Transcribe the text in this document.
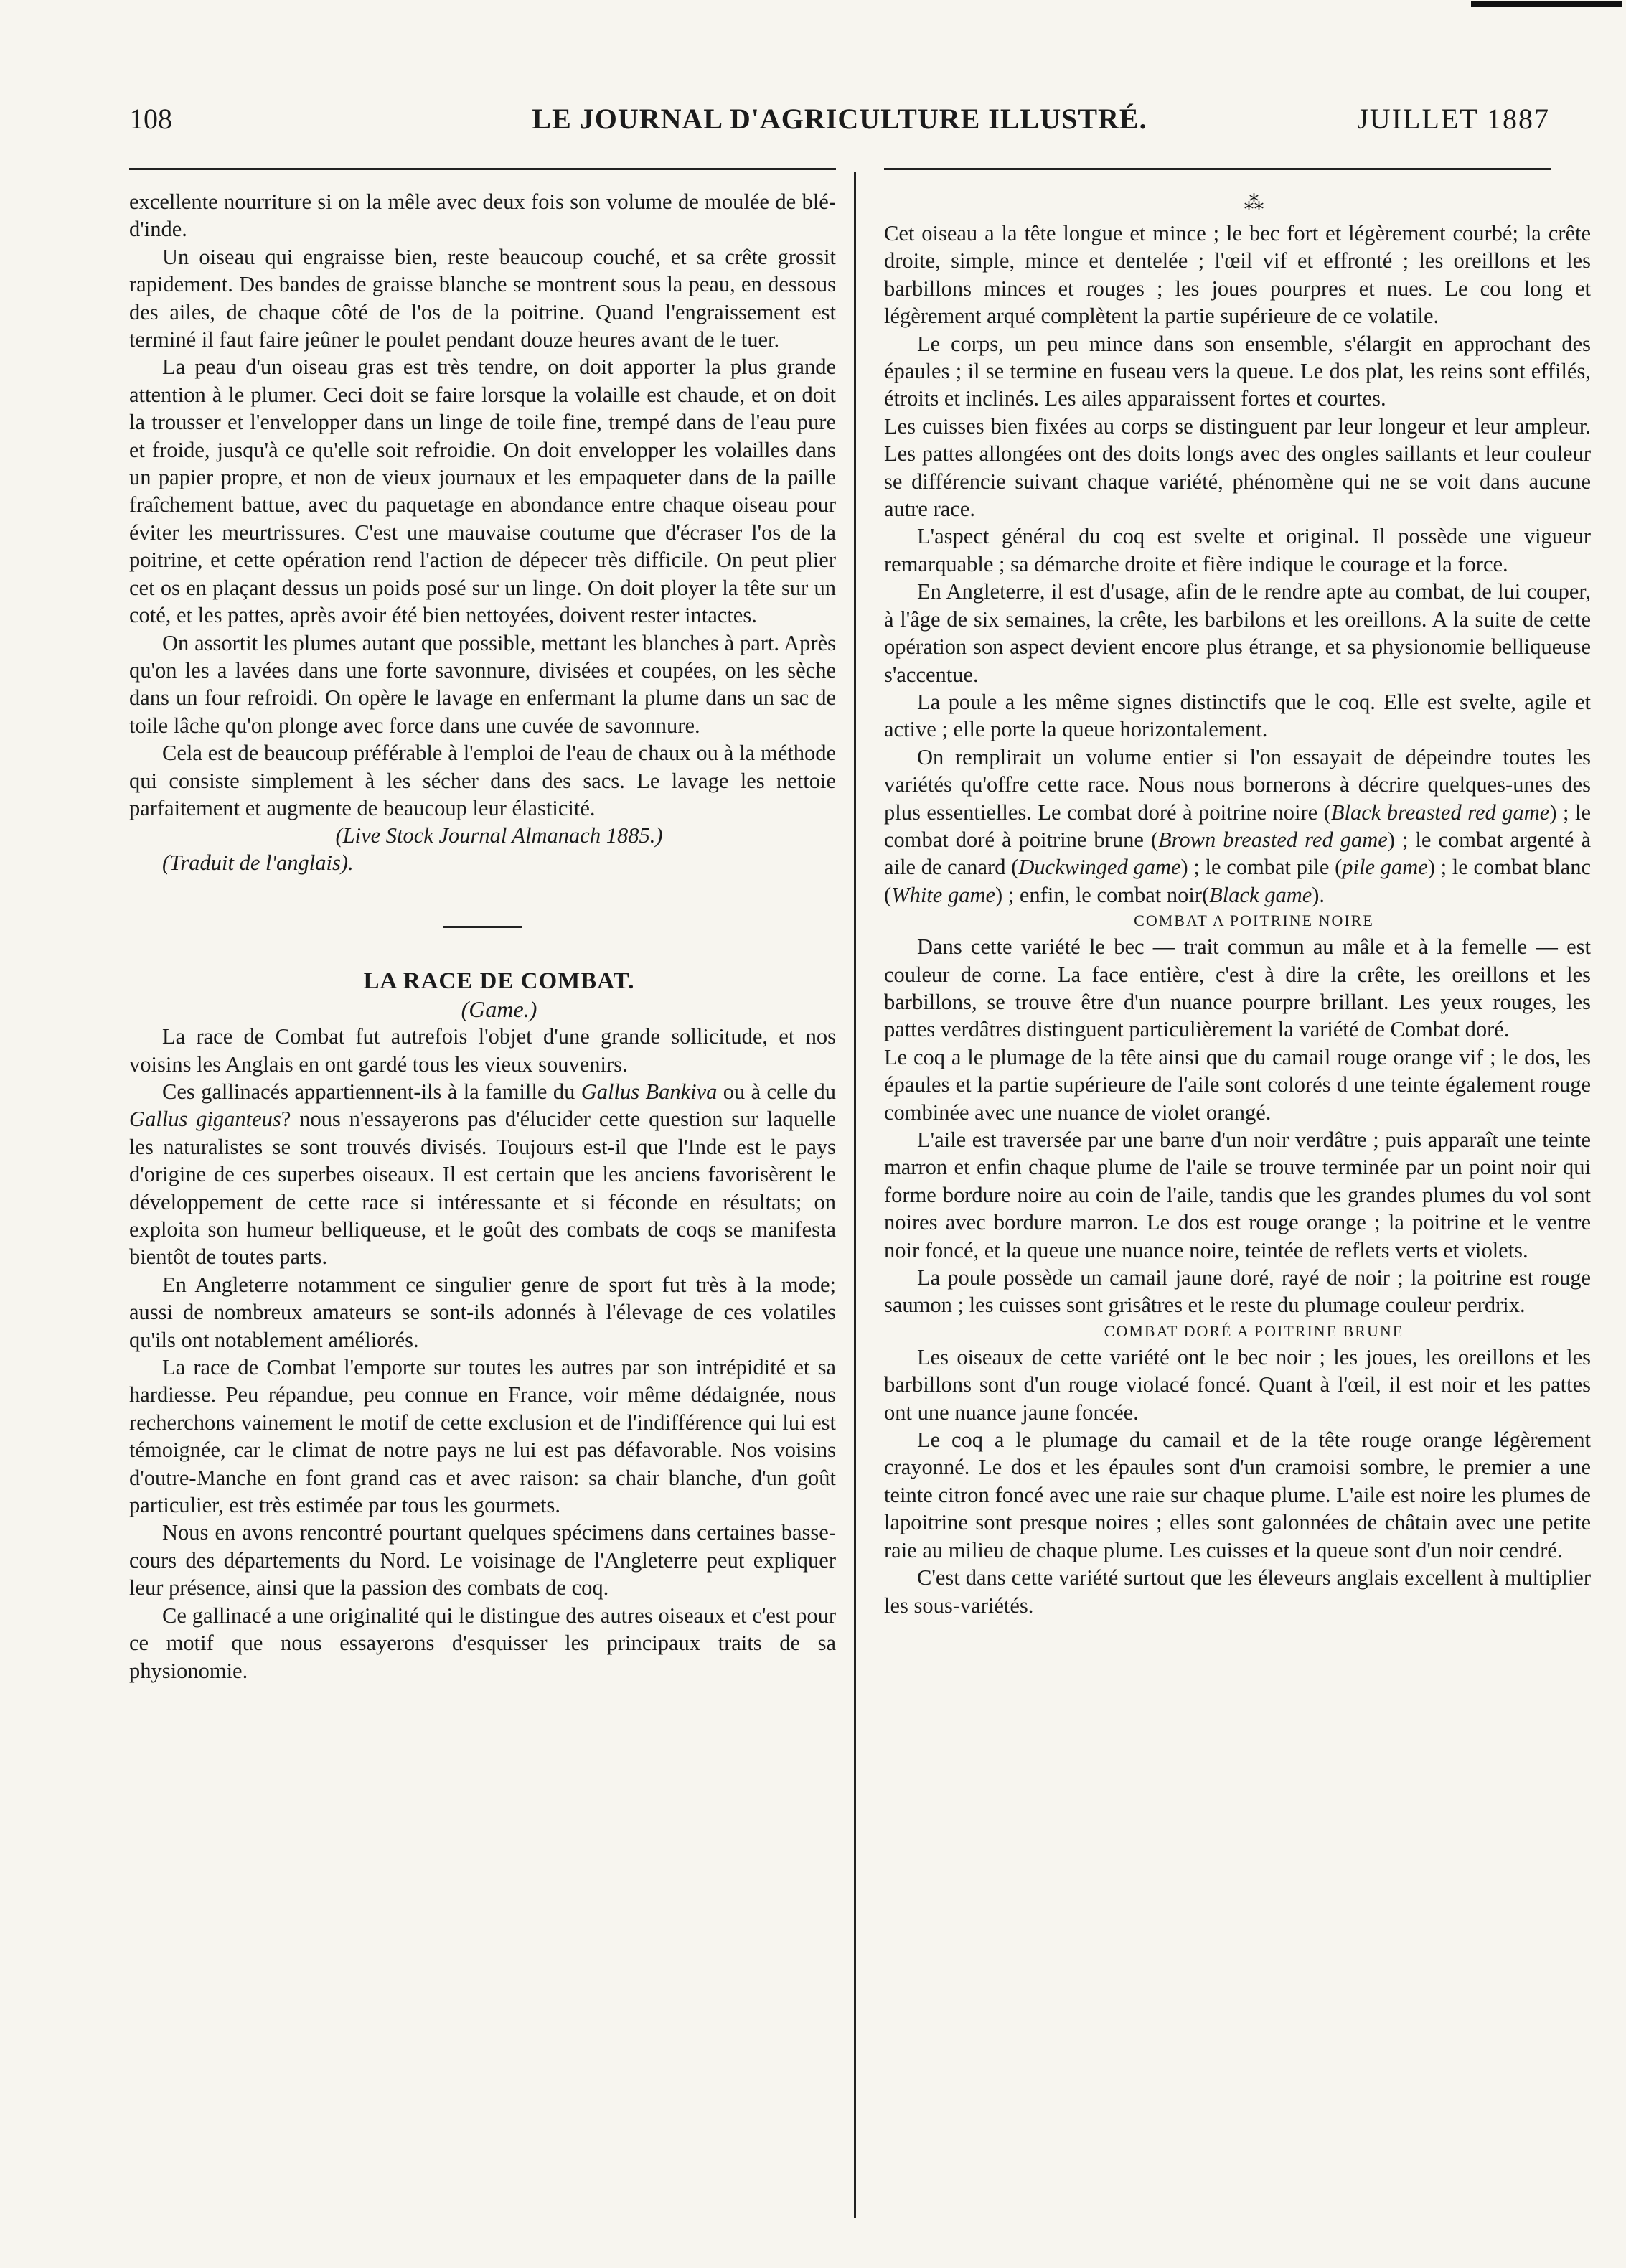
108	LE JOURNAL D'AGRICULTURE ILLUSTRÉ.	JUILLET 1887

excellente nourriture si on la mêle avec deux fois son volume de moulée de blé-d'inde.

Un oiseau qui engraisse bien, reste beaucoup couché, et sa crête grossit rapidement. Des bandes de graisse blanche se montrent sous la peau, en dessous des ailes, de chaque côté de l'os de la poitrine. Quand l'engraissement est terminé il faut faire jeûner le poulet pendant douze heures avant de le tuer.

La peau d'un oiseau gras est très tendre, on doit apporter la plus grande attention à le plumer. Ceci doit se faire lorsque la volaille est chaude, et on doit la trousser et l'envelopper dans un linge de toile fine, trempé dans de l'eau pure et froide, jusqu'à ce qu'elle soit refroidie. On doit envelopper les volailles dans un papier propre, et non de vieux journaux et les empaqueter dans de la paille fraîchement battue, avec du paquetage en abondance entre chaque oiseau pour éviter les meurtrissures. C'est une mauvaise coutume que d'écraser l'os de la poitrine, et cette opération rend l'action de dépecer très difficile. On peut plier cet os en plaçant dessus un poids posé sur un linge. On doit ployer la tête sur un coté, et les pattes, après avoir été bien nettoyées, doivent rester intactes.

On assortit les plumes autant que possible, mettant les blanches à part. Après qu'on les a lavées dans une forte savonnure, divisées et coupées, on les sèche dans un four refroidi. On opère le lavage en enfermant la plume dans un sac de toile lâche qu'on plonge avec force dans une cuvée de savonnure.

Cela est de beaucoup préférable à l'emploi de l'eau de chaux ou à la méthode qui consiste simplement à les sécher dans des sacs. Le lavage les nettoie parfaitement et augmente de beaucoup leur élasticité.

(Live Stock Journal Almanach 1885.)

(Traduit de l'anglais).

LA RACE DE COMBAT.

(Game.)

La race de Combat fut autrefois l'objet d'une grande sollicitude, et nos voisins les Anglais en ont gardé tous les vieux souvenirs.

Ces gallinacés appartiennent-ils à la famille du Gallus Bankiva ou à celle du Gallus giganteus? nous n'essayerons pas d'élucider cette question sur laquelle les naturalistes se sont trouvés divisés. Toujours est-il que l'Inde est le pays d'origine de ces superbes oiseaux. Il est certain que les anciens favorisèrent le développement de cette race si intéressante et si féconde en résultats; on exploita son humeur belliqueuse, et le goût des combats de coqs se manifesta bientôt de toutes parts.

En Angleterre notamment ce singulier genre de sport fut très à la mode; aussi de nombreux amateurs se sont-ils adonnés à l'élevage de ces volatiles qu'ils ont notablement améliorés.

La race de Combat l'emporte sur toutes les autres par son intrépidité et sa hardiesse. Peu répandue, peu connue en France, voir même dédaignée, nous recherchons vainement le motif de cette exclusion et de l'indifférence qui lui est témoignée, car le climat de notre pays ne lui est pas défavorable. Nos voisins d'outre-Manche en font grand cas et avec raison: sa chair blanche, d'un goût particulier, est très estimée par tous les gourmets.

Nous en avons rencontré pourtant quelques spécimens dans certaines basse-cours des départements du Nord. Le voisinage de l'Angleterre peut expliquer leur présence, ainsi que la passion des combats de coq.

Ce gallinacé a une originalité qui le distingue des autres oiseaux et c'est pour ce motif que nous essayerons d'esquisser les principaux traits de sa physionomie.

⁂

Cet oiseau a la tête longue et mince ; le bec fort et légèrement courbé; la crête droite, simple, mince et dentelée ; l'œil vif et effronté ; les oreillons et les barbillons minces et rouges ; les joues pourpres et nues. Le cou long et légèrement arqué complètent la partie supérieure de ce volatile.

Le corps, un peu mince dans son ensemble, s'élargit en approchant des épaules ; il se termine en fuseau vers la queue. Le dos plat, les reins sont effilés, étroits et inclinés. Les ailes apparaissent fortes et courtes.

Les cuisses bien fixées au corps se distinguent par leur longeur et leur ampleur. Les pattes allongées ont des doits longs avec des ongles saillants et leur couleur se différencie suivant chaque variété, phénomène qui ne se voit dans aucune autre race.

L'aspect général du coq est svelte et original. Il possède une vigueur remarquable ; sa démarche droite et fière indique le courage et la force.

En Angleterre, il est d'usage, afin de le rendre apte au combat, de lui couper, à l'âge de six semaines, la crête, les barbilons et les oreillons. A la suite de cette opération son aspect devient encore plus étrange, et sa physionomie belliqueuse s'accentue.

La poule a les même signes distinctifs que le coq. Elle est svelte, agile et active ; elle porte la queue horizontalement.

On remplirait un volume entier si l'on essayait de dépeindre toutes les variétés qu'offre cette race. Nous nous bornerons à décrire quelques-unes des plus essentielles. Le combat doré à poitrine noire (Black breasted red game) ; le combat doré à poitrine brune (Brown breasted red game) ; le combat argenté à aile de canard (Duckwinged game) ; le combat pile (pile game) ; le combat blanc (White game) ; enfin, le combat noir(Black game).

COMBAT A POITRINE NOIRE

Dans cette variété le bec — trait commun au mâle et à la femelle — est couleur de corne. La face entière, c'est à dire la crête, les oreillons et les barbillons, se trouve être d'un nuance pourpre brillant. Les yeux rouges, les pattes verdâtres distinguent particulièrement la variété de Combat doré.

Le coq a le plumage de la tête ainsi que du camail rouge orange vif ; le dos, les épaules et la partie supérieure de l'aile sont colorés d une teinte également rouge combinée avec une nuance de violet orangé.

L'aile est traversée par une barre d'un noir verdâtre ; puis apparaît une teinte marron et enfin chaque plume de l'aile se trouve terminée par un point noir qui forme bordure noire au coin de l'aile, tandis que les grandes plumes du vol sont noires avec bordure marron. Le dos est rouge orange ; la poitrine et le ventre noir foncé, et la queue une nuance noire, teintée de reflets verts et violets.

La poule possède un camail jaune doré, rayé de noir ; la poitrine est rouge saumon ; les cuisses sont grisâtres et le reste du plumage couleur perdrix.

COMBAT DORÉ A POITRINE BRUNE

Les oiseaux de cette variété ont le bec noir ; les joues, les oreillons et les barbillons sont d'un rouge violacé foncé. Quant à l'œil, il est noir et les pattes ont une nuance jaune foncée.

Le coq a le plumage du camail et de la tête rouge orange légèrement crayonné. Le dos et les épaules sont d'un cramoisi sombre, le premier a une teinte citron foncé avec une raie sur chaque plume. L'aile est noire les plumes de lapoitrine sont presque noires ; elles sont galonnées de châtain avec une petite raie au milieu de chaque plume. Les cuisses et la queue sont d'un noir cendré.

C'est dans cette variété surtout que les éleveurs anglais excellent à multiplier les sous-variétés.
